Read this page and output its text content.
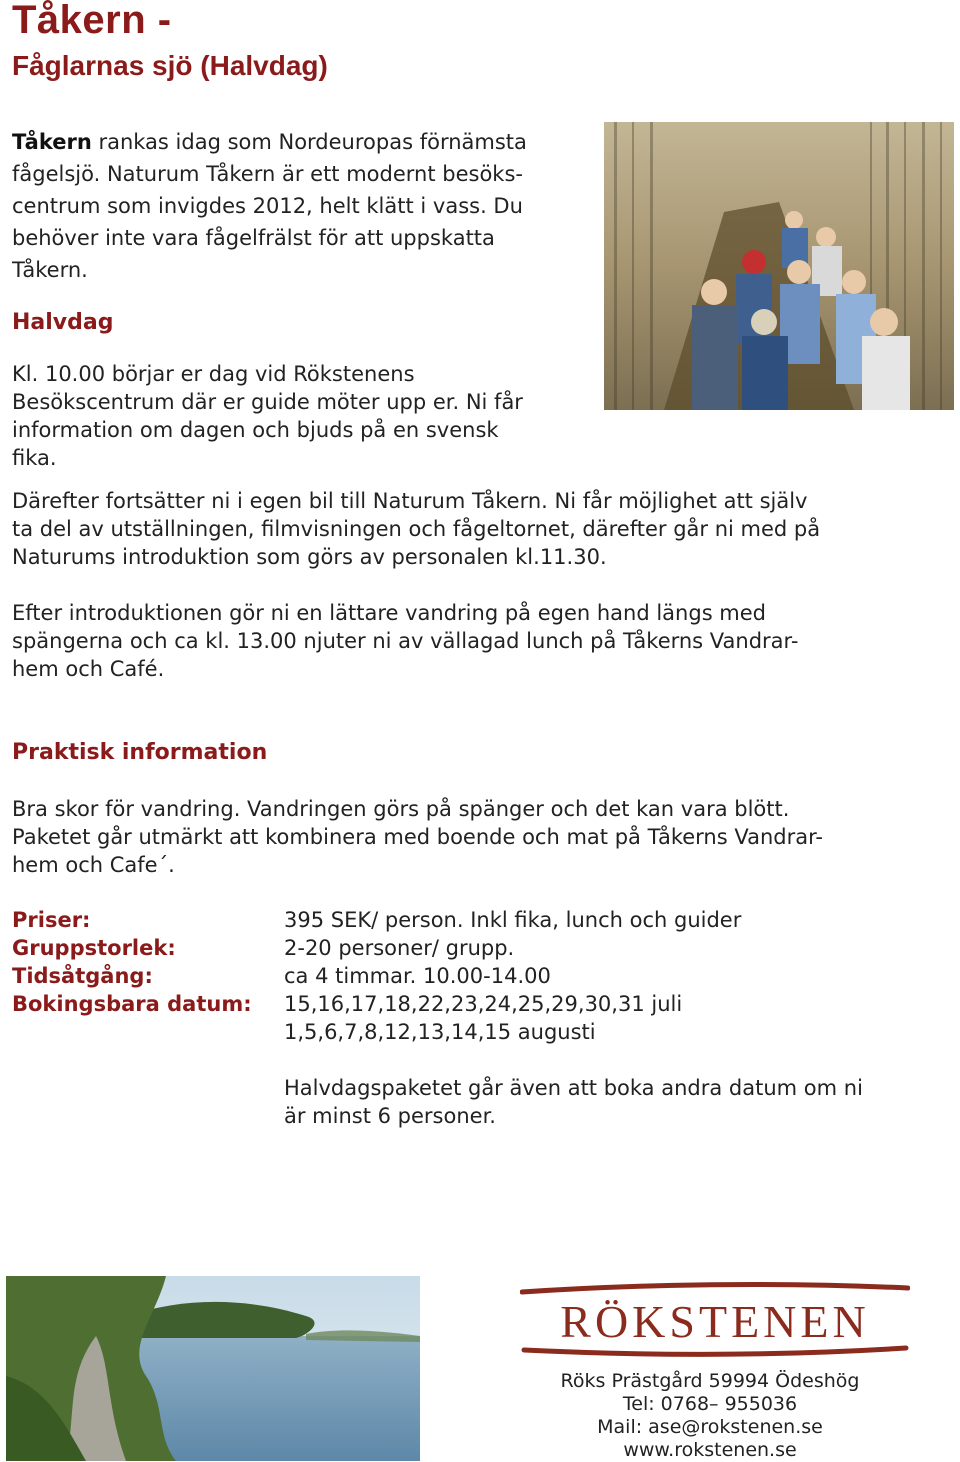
Tåkern -
Fåglarnas sjö (Halvdag)
Tåkern rankas idag som Nordeuropas förnämsta
fågelsjö. Naturum Tåkern är ett modernt besöks-
centrum som invigdes 2012, helt klätt i vass. Du
behöver inte vara fågelfrälst för att uppskatta
Tåkern.
Halvdag
Kl. 10.00 börjar er dag vid Rökstenens
Besökscentrum där er guide möter upp er. Ni får
information om dagen och bjuds på en svensk
fika.
Därefter fortsätter ni i egen bil till Naturum Tåkern. Ni får möjlighet att själv
ta del av utställningen, filmvisningen och fågeltornet, därefter går ni med på
Naturums introduktion som görs av personalen kl.11.30.
Efter introduktionen gör ni en lättare vandring på egen hand längs med
spängerna och ca kl. 13.00 njuter ni av vällagad lunch på Tåkerns Vandrar-
hem och Café.
Praktisk information
Bra skor för vandring. Vandringen görs på spänger och det kan vara blött.
Paketet går utmärkt att kombinera med boende och mat på Tåkerns Vandrar-
hem och Cafe´.
Priser:	395 SEK/ person. Inkl fika, lunch och guider
Gruppstorlek:	2-20 personer/ grupp.
Tidsåtgång:	ca 4 timmar. 10.00-14.00
Bokingsbara datum: 15,16,17,18,22,23,24,25,29,30,31 juli
1,5,6,7,8,12,13,14,15 augusti
Halvdagspaketet går även att boka andra datum om ni
är minst 6 personer.
RÖKSTENEN
Röks Prästgård 59994 Ödeshög
Tel: 0768– 955036
Mail: ase@rokstenen.se
www.rokstenen.se
